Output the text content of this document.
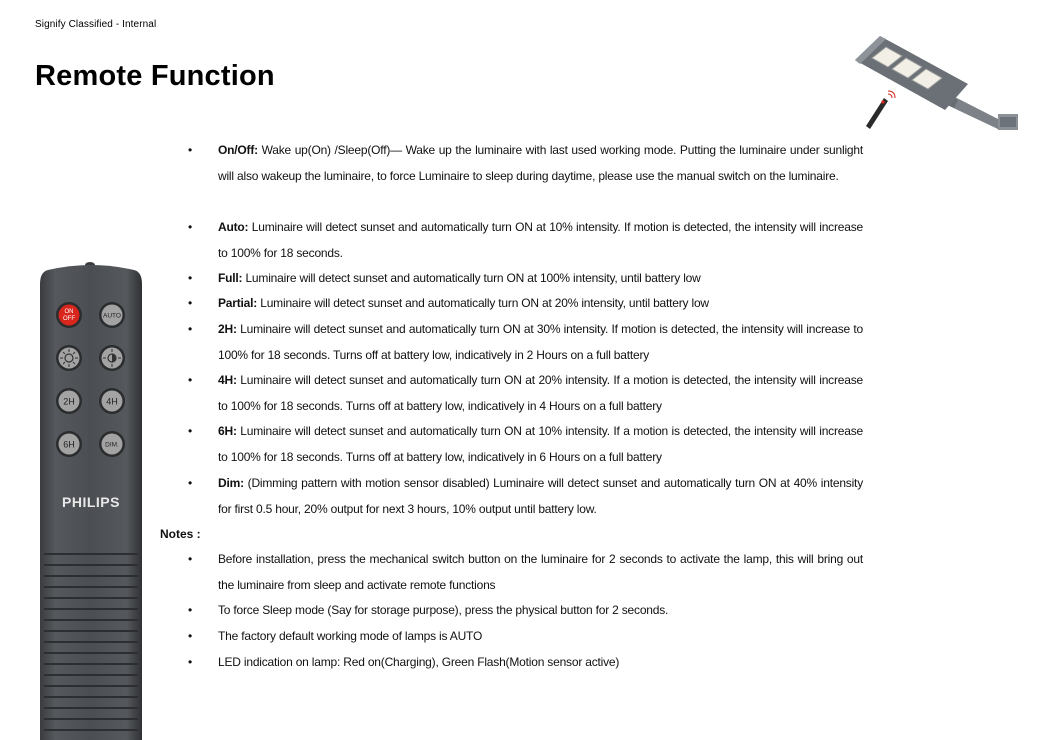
Signify Classified - Internal
Remote Function
ON
OFF	AUTO
2H	4H
6H	DIM.
PHILIPS
• On/Off: Wake up(On) /Sleep(Off)— Wake up the luminaire with last used working mode. Putting the luminaire under sunlight will also wakeup the luminaire, to force Luminaire to sleep during daytime, please use the manual switch on the luminaire.

• Auto: Luminaire will detect sunset and automatically turn ON at 10% intensity. If motion is detected, the intensity will increase to 100% for 18 seconds.

• Full: Luminaire will detect sunset and automatically turn ON at 100% intensity, until battery low

• Partial: Luminaire will detect sunset and automatically turn ON at 20% intensity, until battery low

• 2H: Luminaire will detect sunset and automatically turn ON at 30% intensity. If motion is detected, the intensity will increase to 100% for 18 seconds. Turns off at battery low, indicatively in 2 Hours on a full battery

• 4H: Luminaire will detect sunset and automatically turn ON at 20% intensity. If a motion is detected, the intensity will increase to 100% for 18 seconds. Turns off at battery low, indicatively in 4 Hours on a full battery

• 6H: Luminaire will detect sunset and automatically turn ON at 10% intensity. If a motion is detected, the intensity will increase to 100% for 18 seconds. Turns off at battery low, indicatively in 6 Hours on a full battery

• Dim: (Dimming pattern with motion sensor disabled) Luminaire will detect sunset and automatically turn ON at 40% intensity for first 0.5 hour, 20% output for next 3 hours, 10% output until battery low.

Notes :
• Before installation, press the mechanical switch button on the luminaire for 2 seconds to activate the lamp, this will bring out the luminaire from sleep and activate remote functions

• To force Sleep mode (Say for storage purpose), press the physical button for 2 seconds.

• The factory default working mode of lamps is AUTO

• LED indication on lamp: Red on(Charging), Green Flash(Motion sensor active)
